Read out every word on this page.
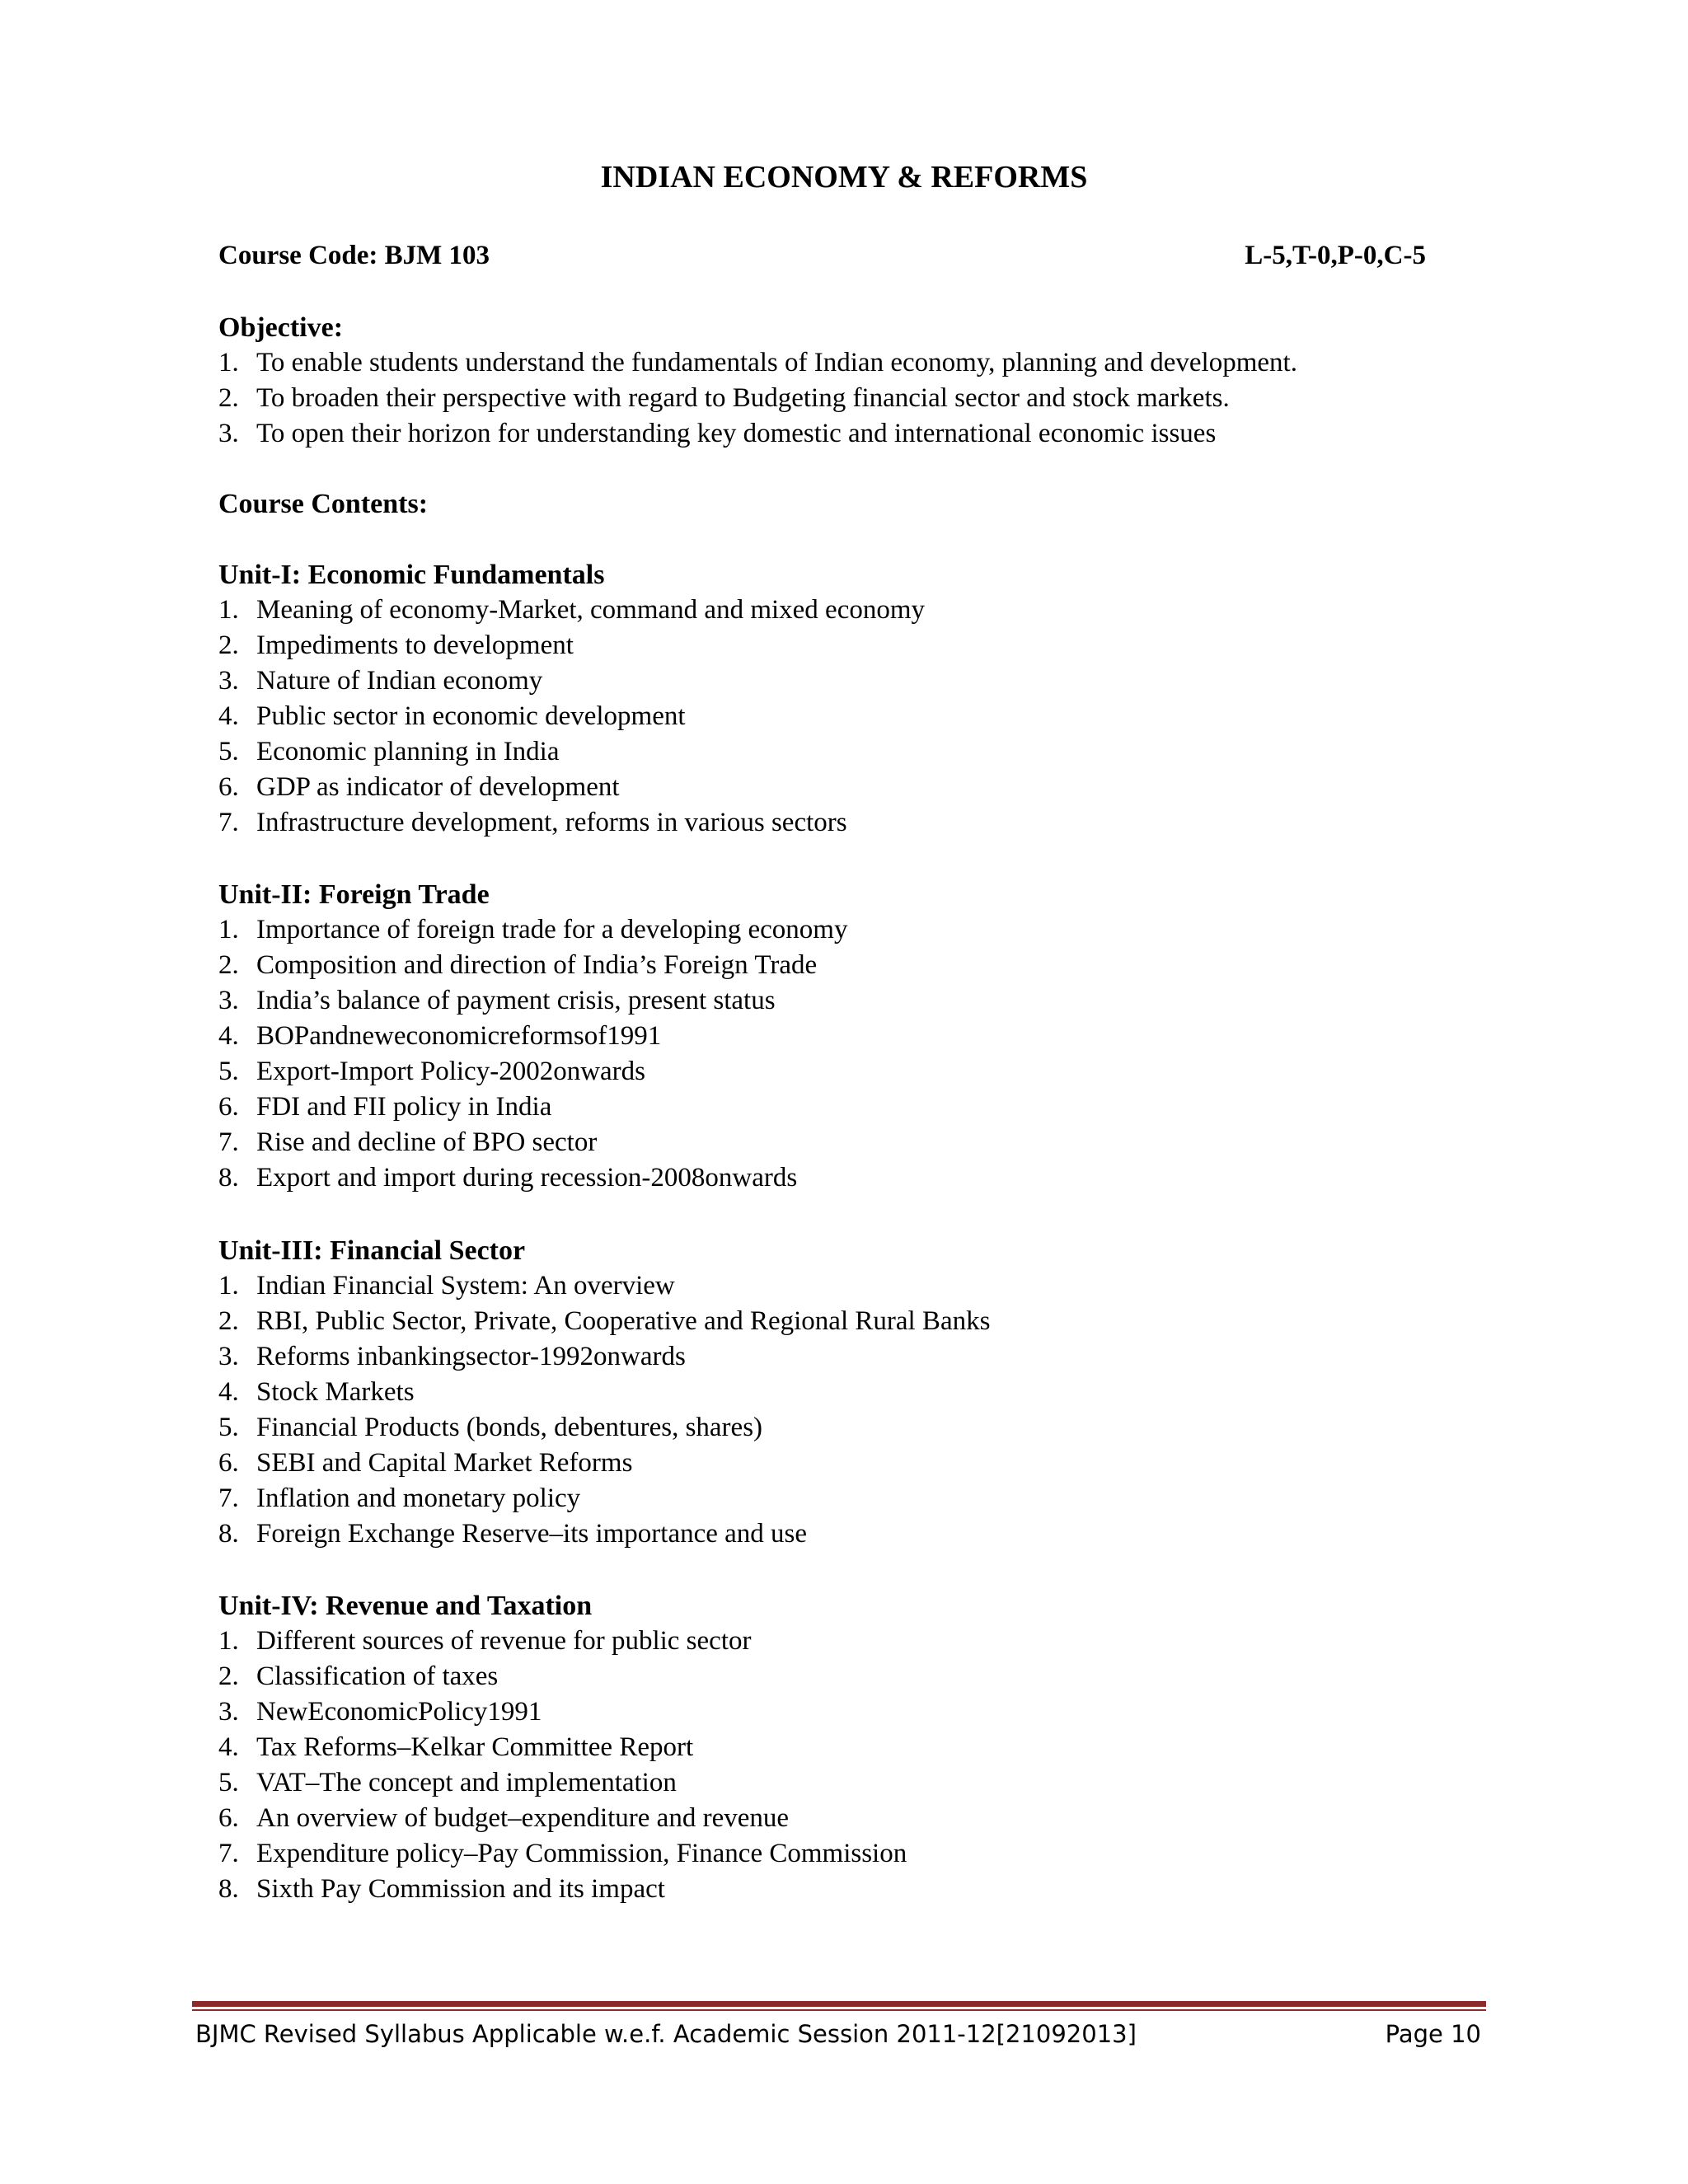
INDIAN ECONOMY & REFORMS
Course Code: BJM 103	L-5,T-0,P-0,C-5
Objective:
1. To enable students understand the fundamentals of Indian economy, planning and development.
2. To broaden their perspective with regard to Budgeting financial sector and stock markets.
3. To open their horizon for understanding key domestic and international economic issues
Course Contents:
Unit-I: Economic Fundamentals
1. Meaning of economy-Market, command and mixed economy
2. Impediments to development
3. Nature of Indian economy
4. Public sector in economic development
5. Economic planning in India
6. GDP as indicator of development
7. Infrastructure development, reforms in various sectors
Unit-II: Foreign Trade
1. Importance of foreign trade for a developing economy
2. Composition and direction of India’s Foreign Trade
3. India’s balance of payment crisis, present status
4. BOPandneweconomicreformsof1991
5. Export-Import Policy-2002onwards
6. FDI and FII policy in India
7. Rise and decline of BPO sector
8. Export and import during recession-2008onwards
Unit-III: Financial Sector
1. Indian Financial System: An overview
2. RBI, Public Sector, Private, Cooperative and Regional Rural Banks
3. Reforms inbankingsector-1992onwards
4. Stock Markets
5. Financial Products (bonds, debentures, shares)
6. SEBI and Capital Market Reforms
7. Inflation and monetary policy
8. Foreign Exchange Reserve–its importance and use
Unit-IV: Revenue and Taxation
1. Different sources of revenue for public sector
2. Classification of taxes
3. NewEconomicPolicy1991
4. Tax Reforms–Kelkar Committee Report
5. VAT–The concept and implementation
6. An overview of budget–expenditure and revenue
7. Expenditure policy–Pay Commission, Finance Commission
8. Sixth Pay Commission and its impact
BJMC Revised Syllabus Applicable w.e.f. Academic Session 2011-12[21092013]	Page 10
